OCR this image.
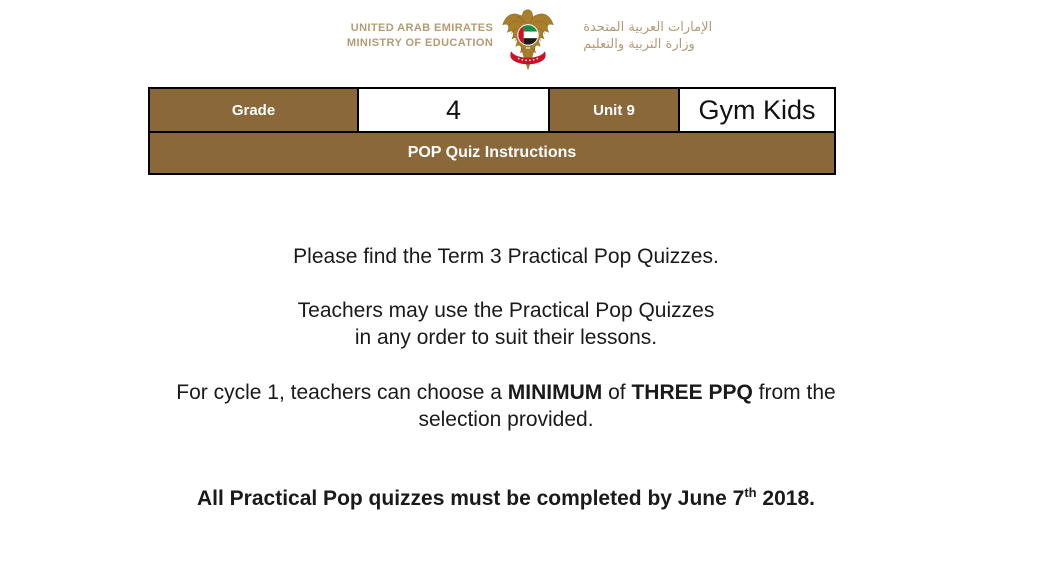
UNITED ARAB EMIRATES
MINISTRY OF EDUCATION
الإمارات العربية المتحدة
وزارة التربية والتعليم
Grade	4	Unit 9	Gym Kids
POP Quiz Instructions
Please find the Term 3 Practical Pop Quizzes.
Teachers may use the Practical Pop Quizzes
in any order to suit their lessons.
For cycle 1, teachers can choose a MINIMUM of THREE PPQ from the
selection provided.
All Practical Pop quizzes must be completed by June 7th 2018.
